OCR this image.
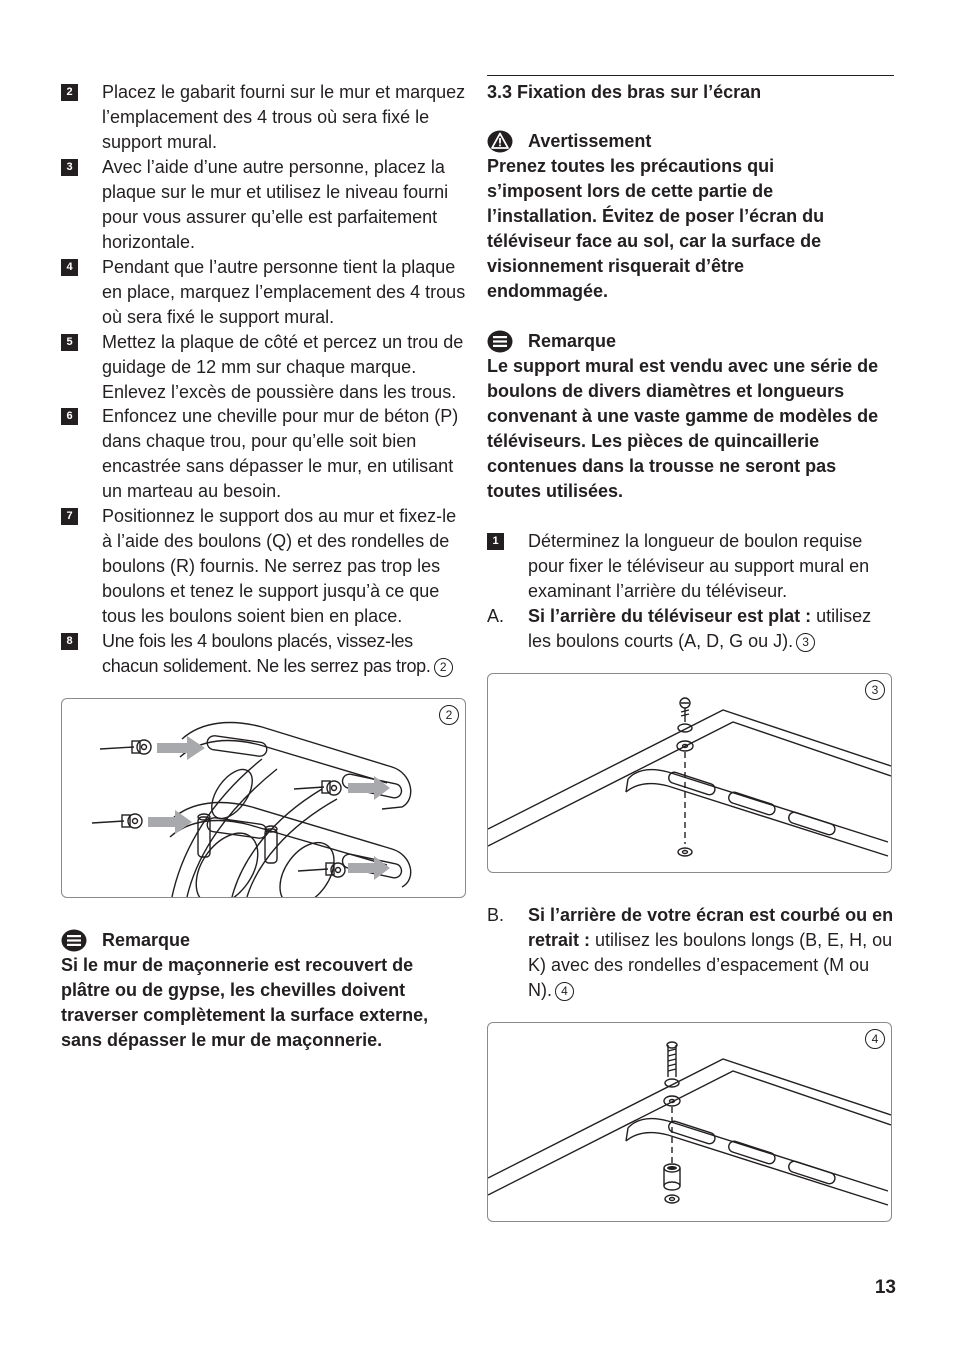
2	Placez le gabarit fourni sur le mur et marquez l’emplacement des 4 trous où sera fixé le support mural.
3	Avec l’aide d’une autre personne, placez la plaque sur le mur et utilisez le niveau fourni pour vous assurer qu’elle est parfaitement horizontale.
4	Pendant que l’autre personne tient la plaque en place, marquez l’emplacement des 4 trous où sera fixé le support mural.
5	Mettez la plaque de côté et percez un trou de guidage de 12 mm sur chaque marque. Enlevez l’excès de poussière dans les trous.
6	Enfoncez une cheville pour mur de béton (P) dans chaque trou, pour qu’elle soit bien encastrée sans dépasser le mur, en utilisant un marteau au besoin.
7	Positionnez le support dos au mur et fixez-le à l’aide des boulons (Q) et des rondelles de boulons (R) fournis. Ne serrez pas trop les boulons et tenez le support jusqu’à ce que tous les boulons soient bien en place.
8	Une fois les 4 boulons placés, vissez-les chacun solidement. Ne les serrez pas trop. 2
2
Remarque
Si le mur de maçonnerie est recouvert de plâtre ou de gypse, les chevilles doivent traverser complètement la surface externe, sans dépasser le mur de maçonnerie.
3.3 Fixation des bras sur l’écran
Avertissement
Prenez toutes les précautions qui s’imposent lors de cette partie de l’installation. Évitez de poser l’écran du téléviseur face au sol, car la surface de visionnement risquerait d’être endommagée.
Remarque
Le support mural est vendu avec une série de boulons de divers diamètres et longueurs convenant à une vaste gamme de modèles de téléviseurs. Les pièces de quincaillerie contenues dans la trousse ne seront pas toutes utilisées.
1	Déterminez la longueur de boulon requise pour fixer le téléviseur au support mural en examinant l’arrière du téléviseur.
A. Si l’arrière du téléviseur est plat : utilisez les boulons courts (A, D, G ou J). 3
3
B. Si l’arrière de votre écran est courbé ou en retrait : utilisez les boulons longs (B, E, H, ou K) avec des rondelles d’espacement (M ou N). 4
4
13
